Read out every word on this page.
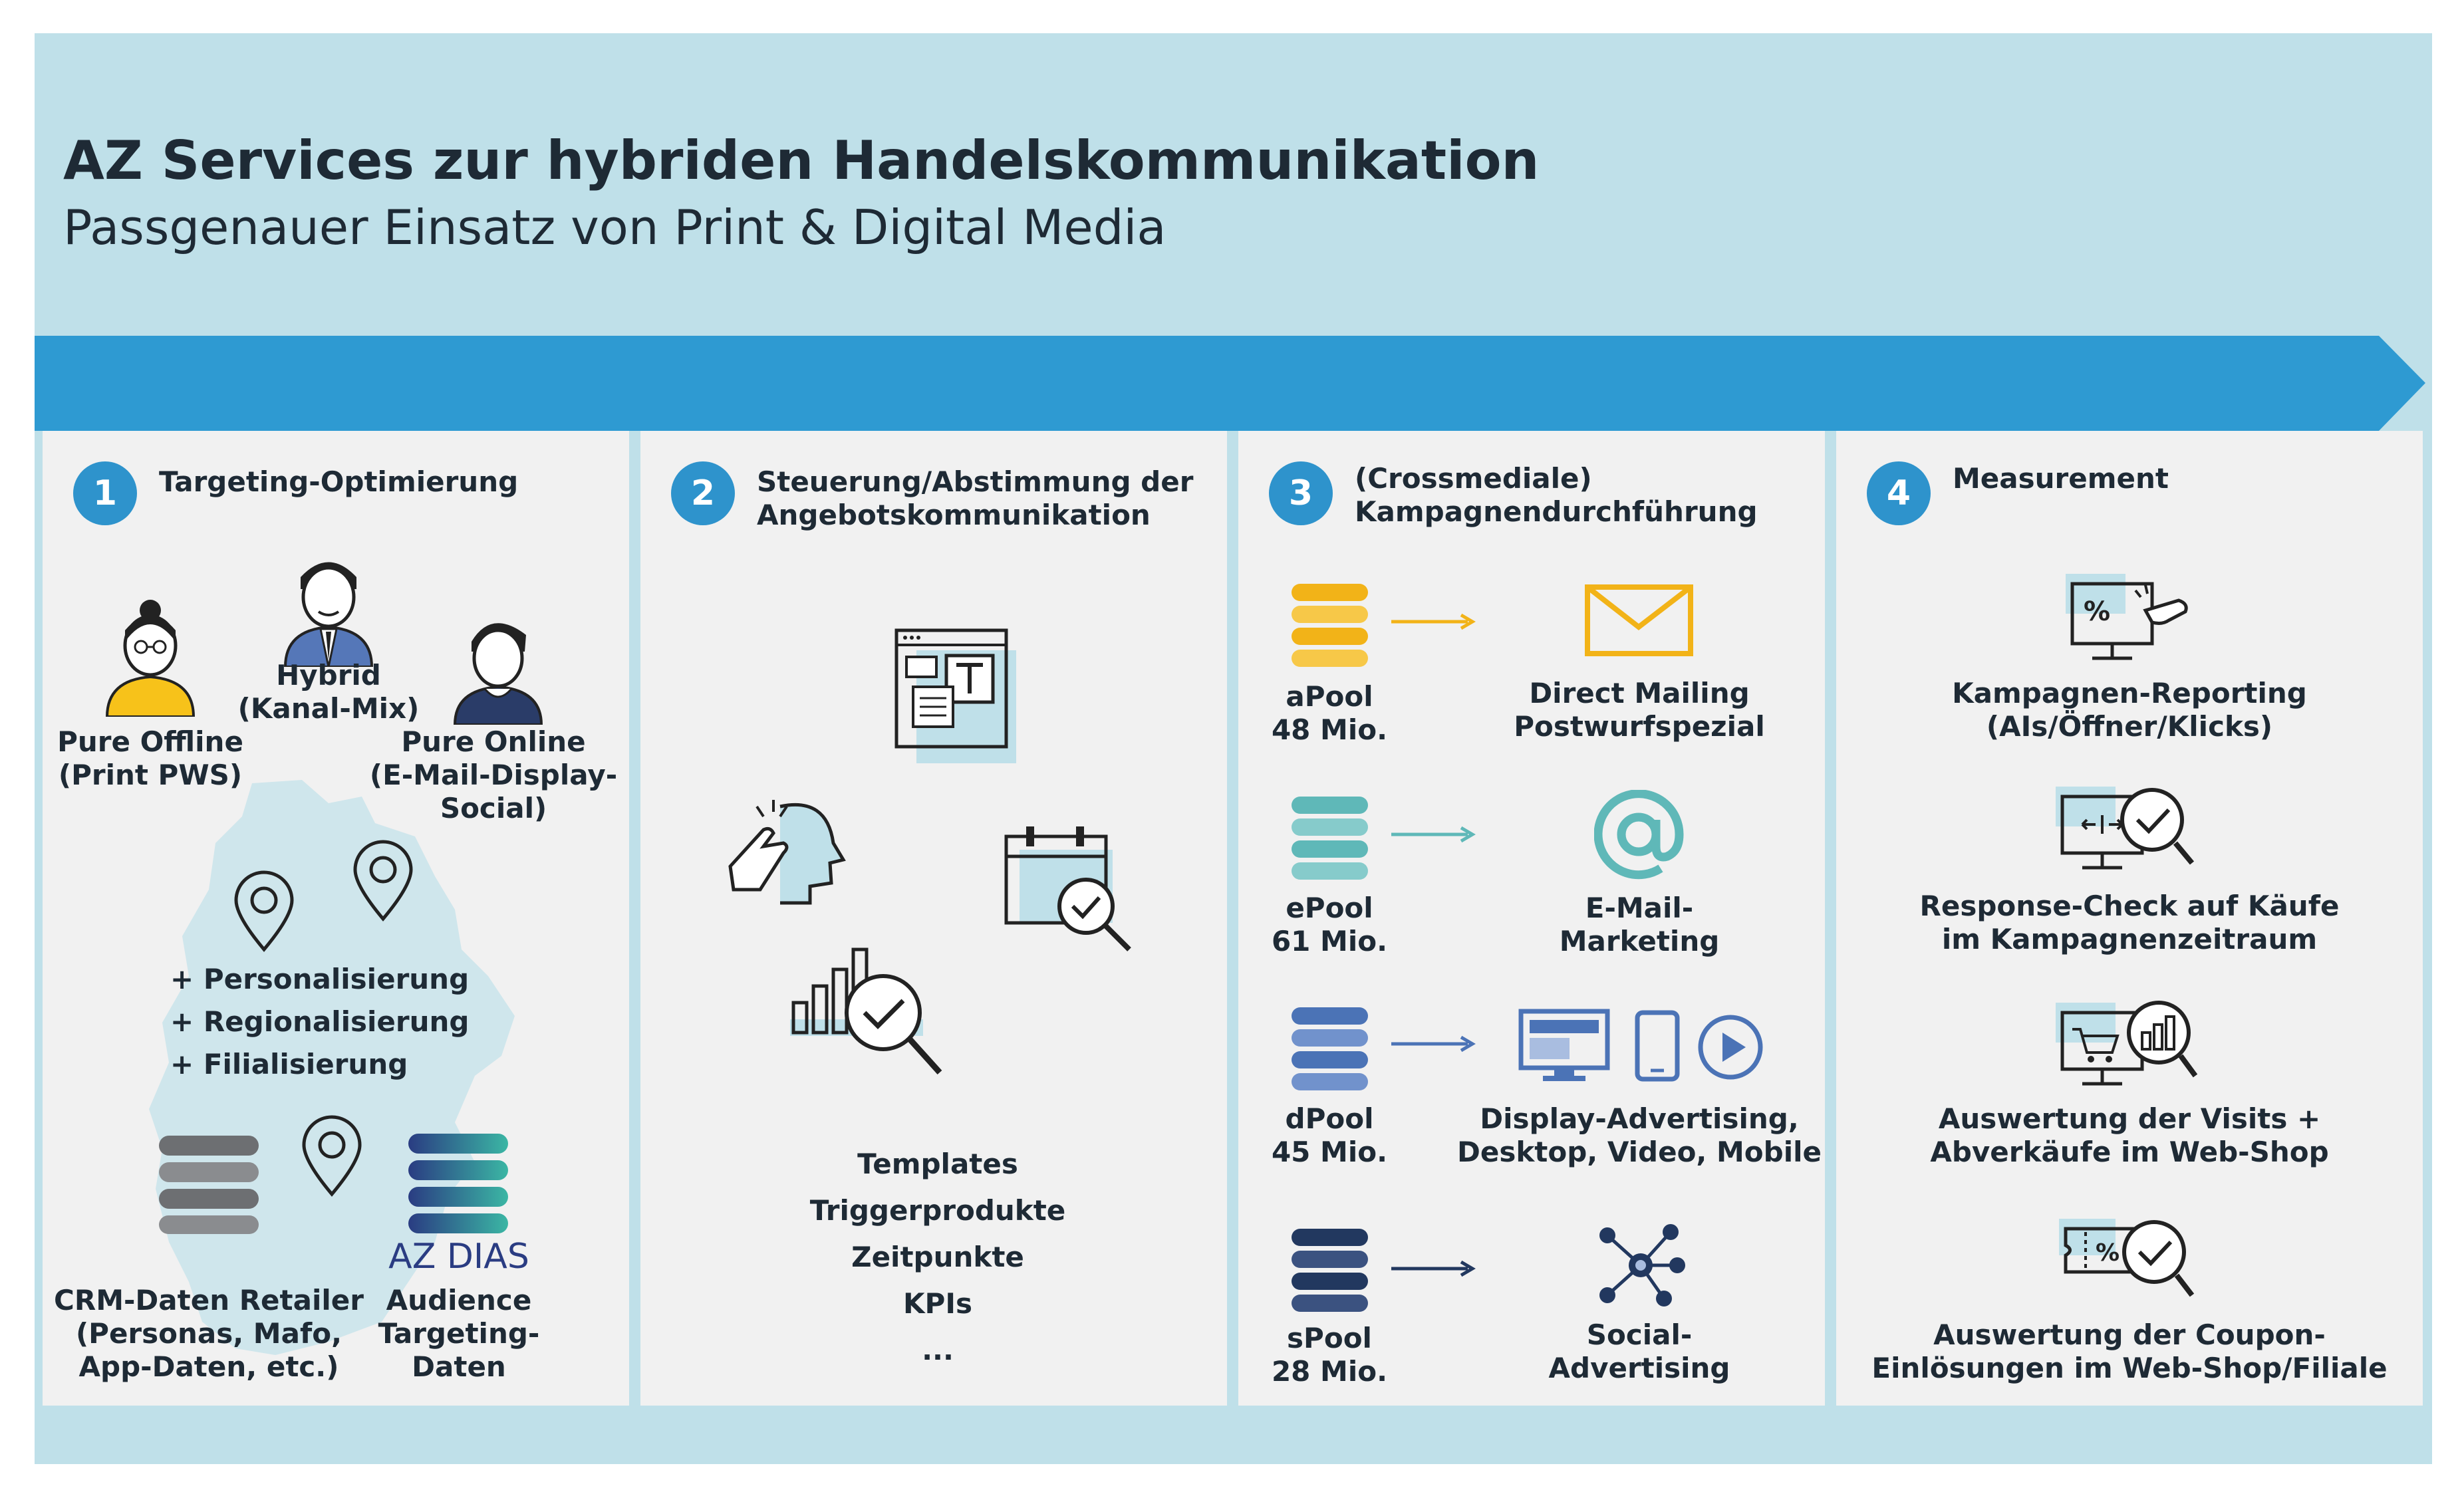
AZ Services zur hybriden Handelskommunikation
Passgenauer Einsatz von Print & Digital Media
1	Targeting-Optimierung
Pure Offline
(Print PWS)
Hybrid
(Kanal-Mix)
Pure Online
(E-Mail-Display-
Social)
+ Personalisierung
+ Regionalisierung
+ Filialisierung
AZ DIAS
CRM-Daten Retailer
(Personas, Mafo,
App-Daten, etc.)
Audience
Targeting-
Daten
2	Steuerung/Abstimmung der
Angebotskommunikation
Templates
Triggerprodukte
Zeitpunkte
KPIs
...
3	(Crossmediale)
Kampagnendurchführung
aPool
48 Mio.
Direct Mailing
Postwurfspezial
ePool
61 Mio.
E-Mail-
Marketing
dPool
45 Mio.
Display-Advertising,
Desktop, Video, Mobile
sPool
28 Mio.
Social-
Advertising
4	Measurement
%
Kampagnen-Reporting
(AIs/Öffner/Klicks)
Response-Check auf Käufe
im Kampagnenzeitraum
Auswertung der Visits +
Abverkäufe im Web-Shop
%
Auswertung der Coupon-
Einlösungen im Web-Shop/Filiale
